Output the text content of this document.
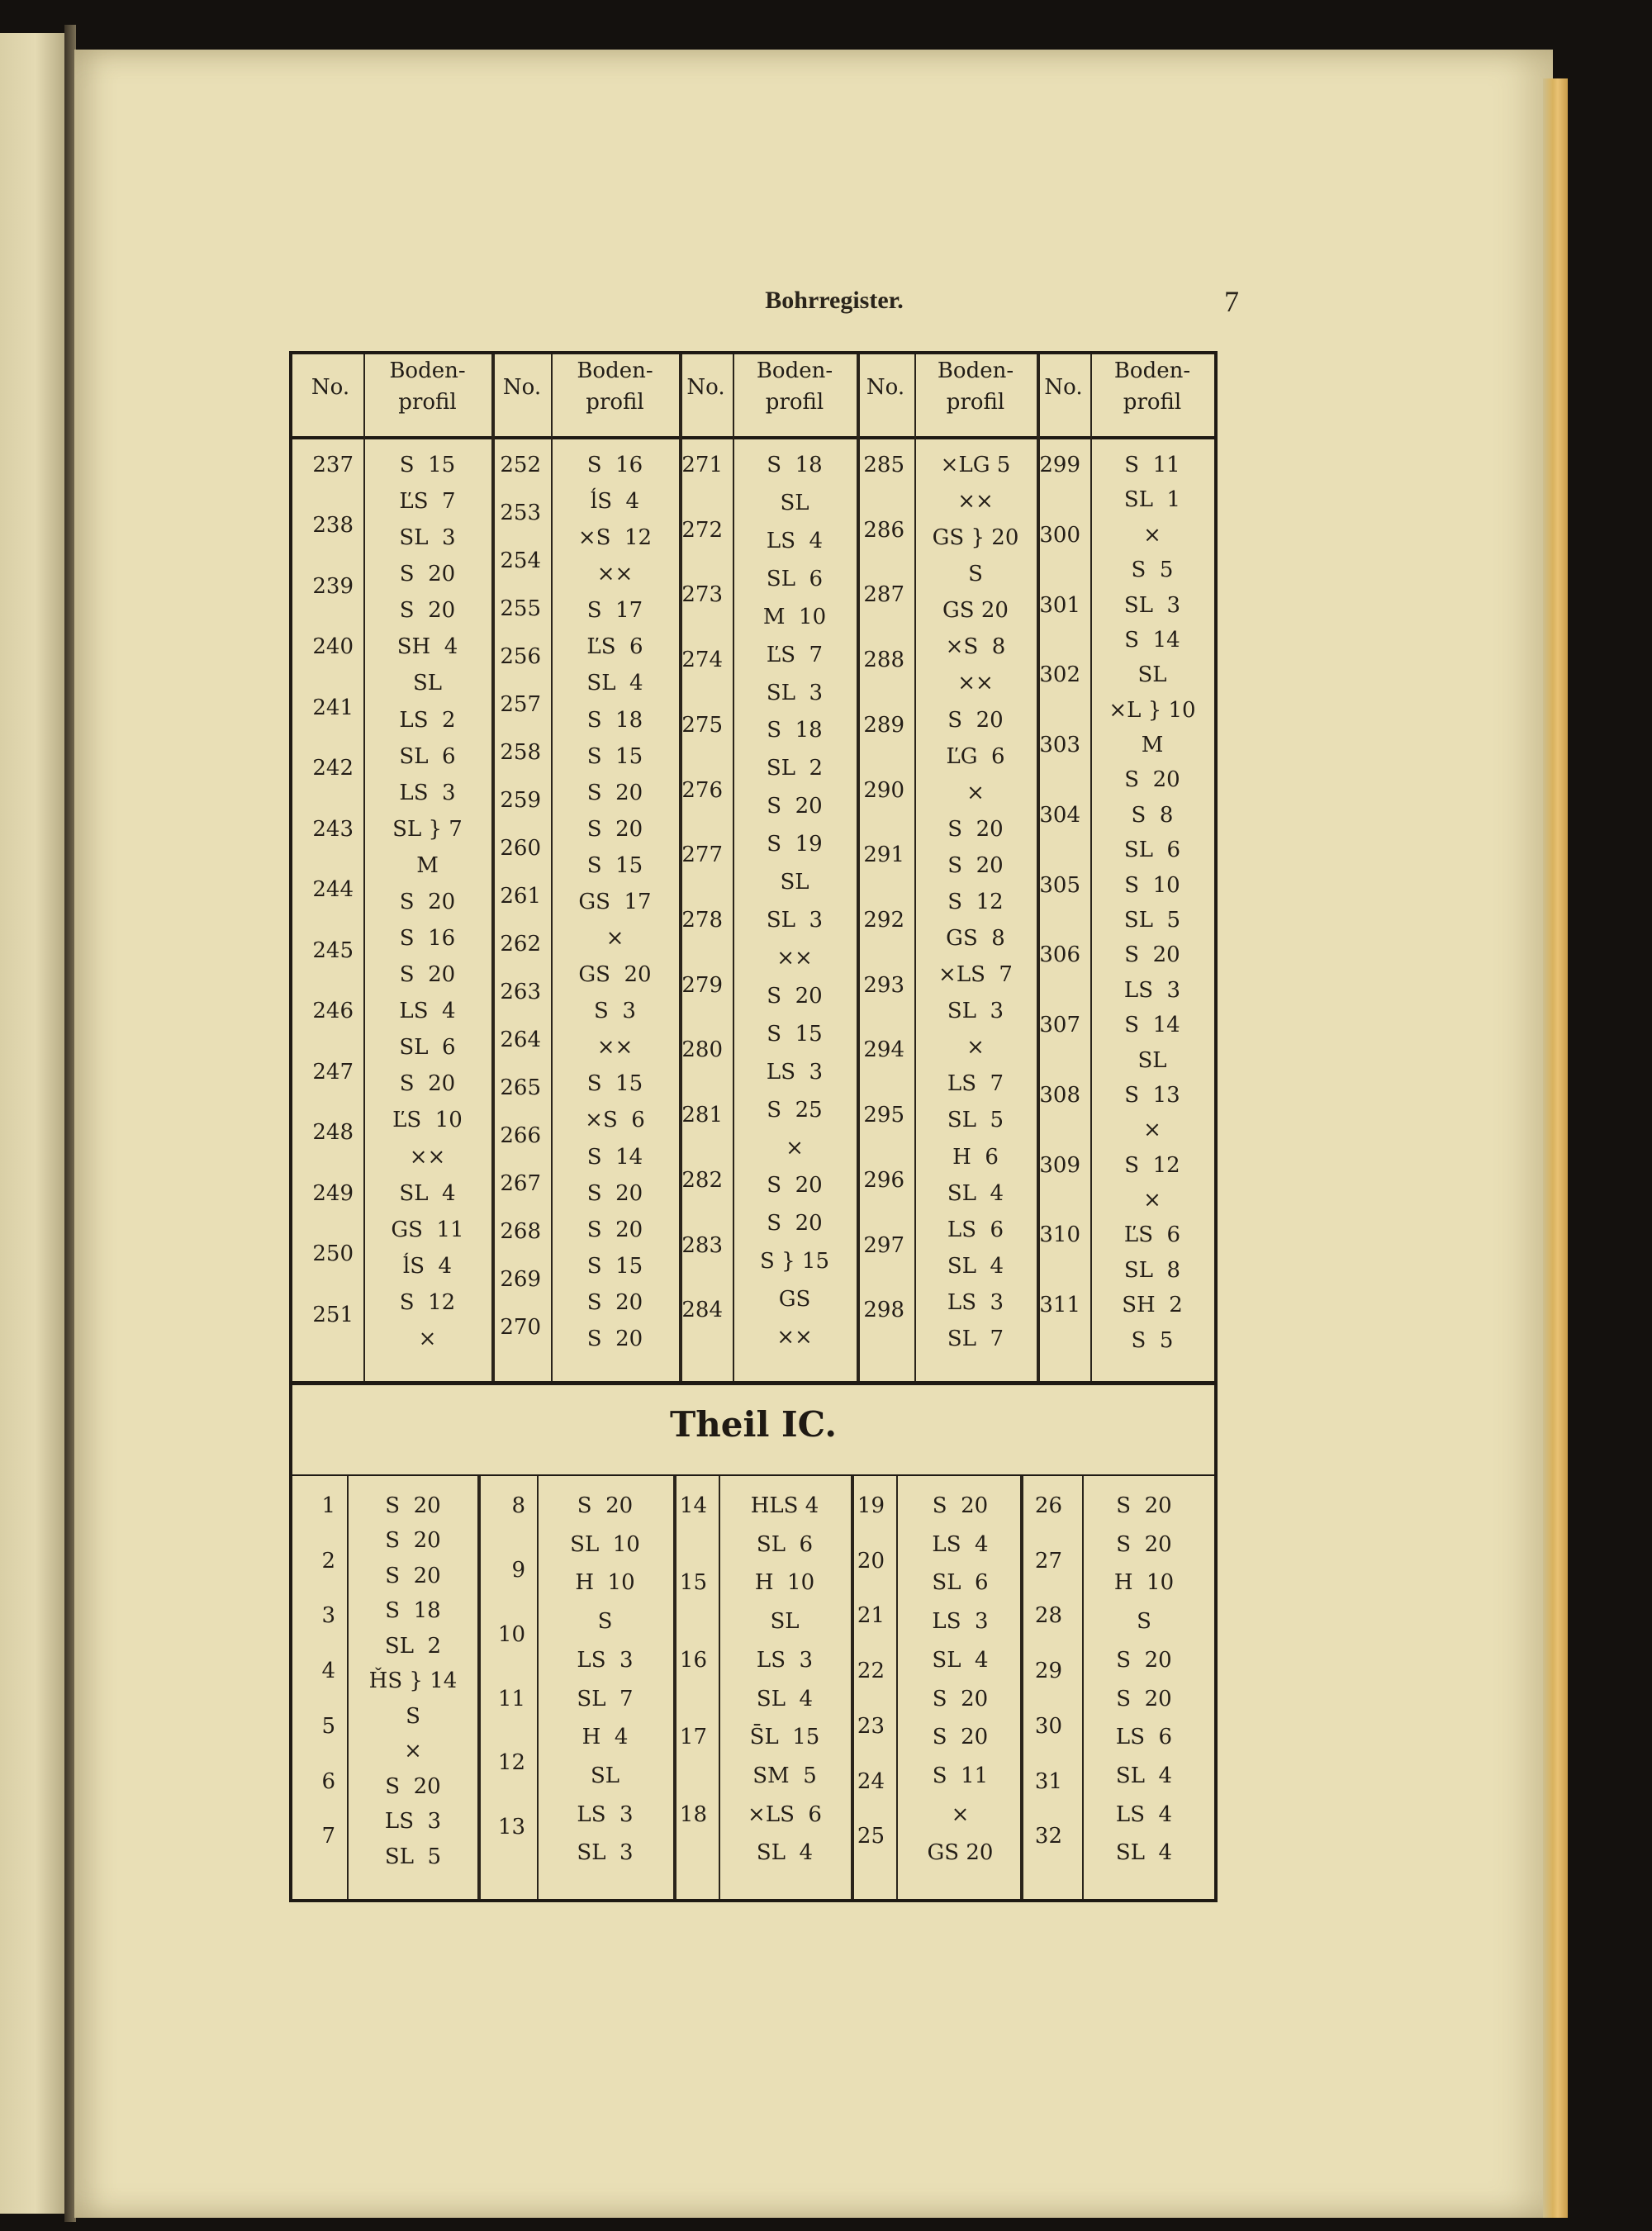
Bohrregister.	7
No.
Boden-
profil
No.
Boden-
profil
No.
Boden-
profil
No.
Boden-
profil
No.
Boden-
profil
237
238
239
240
241
242
243
244
245
246
247
248
249
250
251
S  15
ĽS  7
SL  3
S  20
S  20
SH  4
SL
LS  2
SL  6
LS  3
SL } 7
M
S  20
S  16
S  20
LS  4
SL  6
S  20
ĽS  10
××
SL  4
GS  11
ĺS  4
S  12
×
252
253
254
255
256
257
258
259
260
261
262
263
264
265
266
267
268
269
270
S  16
ĺS  4
×S  12
××
S  17
ĽS  6
SL  4
S  18
S  15
S  20
S  20
S  15
GS  17
×
GS  20
S  3
××
S  15
×S  6
S  14
S  20
S  20
S  15
S  20
S  20
271
272
273
274
275
276
277
278
279
280
281
282
283
284
S  18
SL
LS  4
SL  6
M  10
ĽS  7
SL  3
S  18
SL  2
S  20
S  19
SL
SL  3
××
S  20
S  15
LS  3
S  25
×
S  20
S  20
S } 15
GS
××
285
286
287
288
289
290
291
292
293
294
295
296
297
298
×LG 5
××
GS } 20
S
GS 20
×S  8
××
S  20
ĽG  6
×
S  20
S  20
S  12
GS  8
×LS  7
SL  3
×
LS  7
SL  5
H  6
SL  4
LS  6
SL  4
LS  3
SL  7
299
300
301
302
303
304
305
306
307
308
309
310
311
S  11
SL  1
×
S  5
SL  3
S  14
SL
×L } 10
M
S  20
S  8
SL  6
S  10
SL  5
S  20
LS  3
S  14
SL
S  13
×
S  12
×
ĽS  6
SL  8
SH  2
S  5
1
2
3
4
5
6
7
S  20
S  20
S  20
S  18
SL  2
ȞS } 14
S
×
S  20
LS  3
SL  5
8
9
10
11
12
13
S  20
SL  10
H  10
S
LS  3
SL  7
H  4
SL
LS  3
SL  3
14
15
16
17
18
HLS 4
SL  6
H  10
SL
LS  3
SL  4
S̄L  15
SM  5
×LS  6
SL  4
19
20
21
22
23
24
25
S  20
LS  4
SL  6
LS  3
SL  4
S  20
S  20
S  11
×
GS 20
26
27
28
29
30
31
32
S  20
S  20
H  10
S
S  20
S  20
LS  6
SL  4
LS  4
SL  4
Theil IC.
